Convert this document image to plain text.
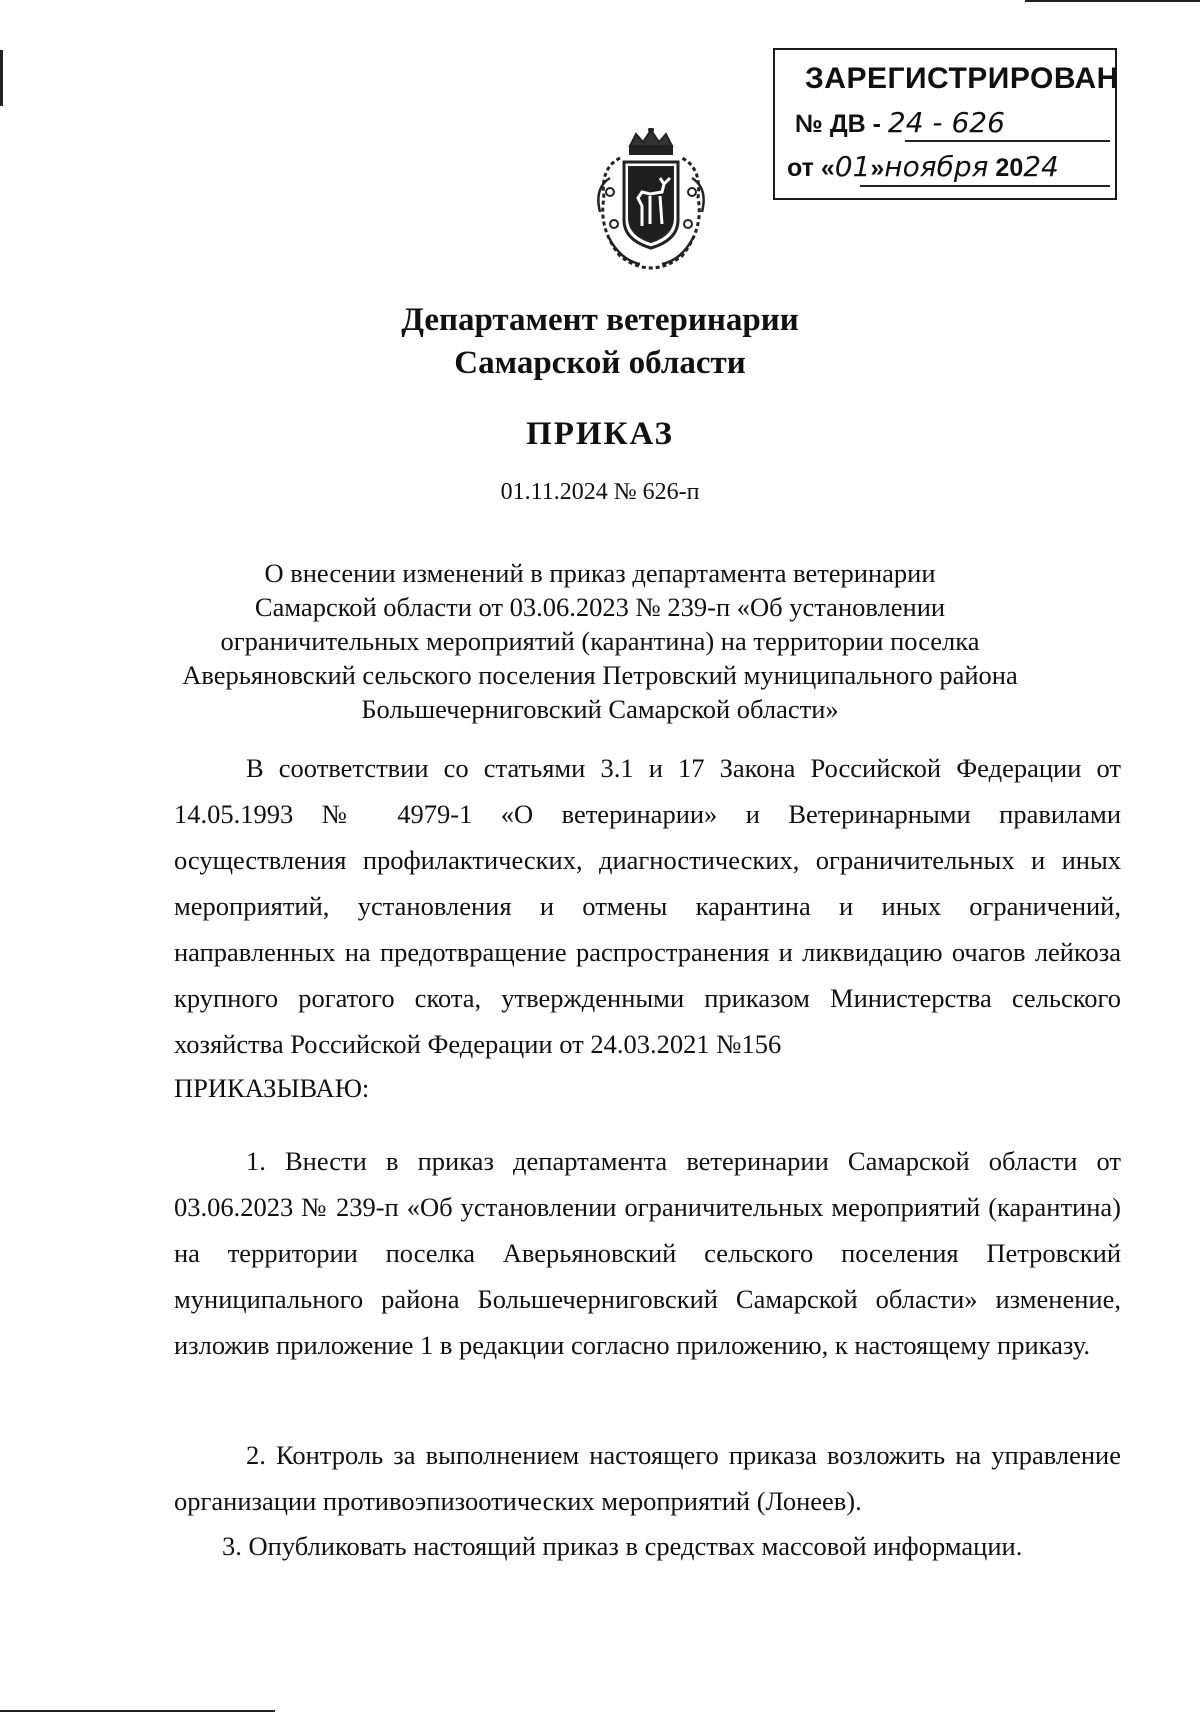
ЗАРЕГИСТРИРОВАН
№ ДВ - 24 - 626
от «01»ноября 2024
Департамент ветеринарии
Самарской области
ПРИКАЗ
01.11.2024 № 626-п
О внесении изменений в приказ департамента ветеринарии
Самарской области от 03.06.2023 № 239-п «Об установлении
ограничительных мероприятий (карантина) на территории поселка
Аверьяновский сельского поселения Петровский муниципального района
Большечерниговский Самарской области»
В соответствии со статьями 3.1 и 17 Закона Российской Федерации от 14.05.1993 № 4979-1 «О ветеринарии» и Ветеринарными правилами осуществления профилактических, диагностических, ограничительных и иных мероприятий, установления и отмены карантина и иных ограничений, направленных на предотвращение распространения и ликвидацию очагов лейкоза крупного рогатого скота, утвержденными приказом Министерства сельского хозяйства Российской Федерации от 24.03.2021 №156
ПРИКАЗЫВАЮ:
1. Внести в приказ департамента ветеринарии Самарской области от 03.06.2023 № 239-п «Об установлении ограничительных мероприятий (карантина) на территории поселка Аверьяновский сельского поселения Петровский муниципального района Большечерниговский Самарской области» изменение, изложив приложение 1 в редакции согласно приложению, к настоящему приказу.
2. Контроль за выполнением настоящего приказа возложить на управление организации противоэпизоотических мероприятий (Лонеев).
3. Опубликовать настоящий приказ в средствах массовой информации.
